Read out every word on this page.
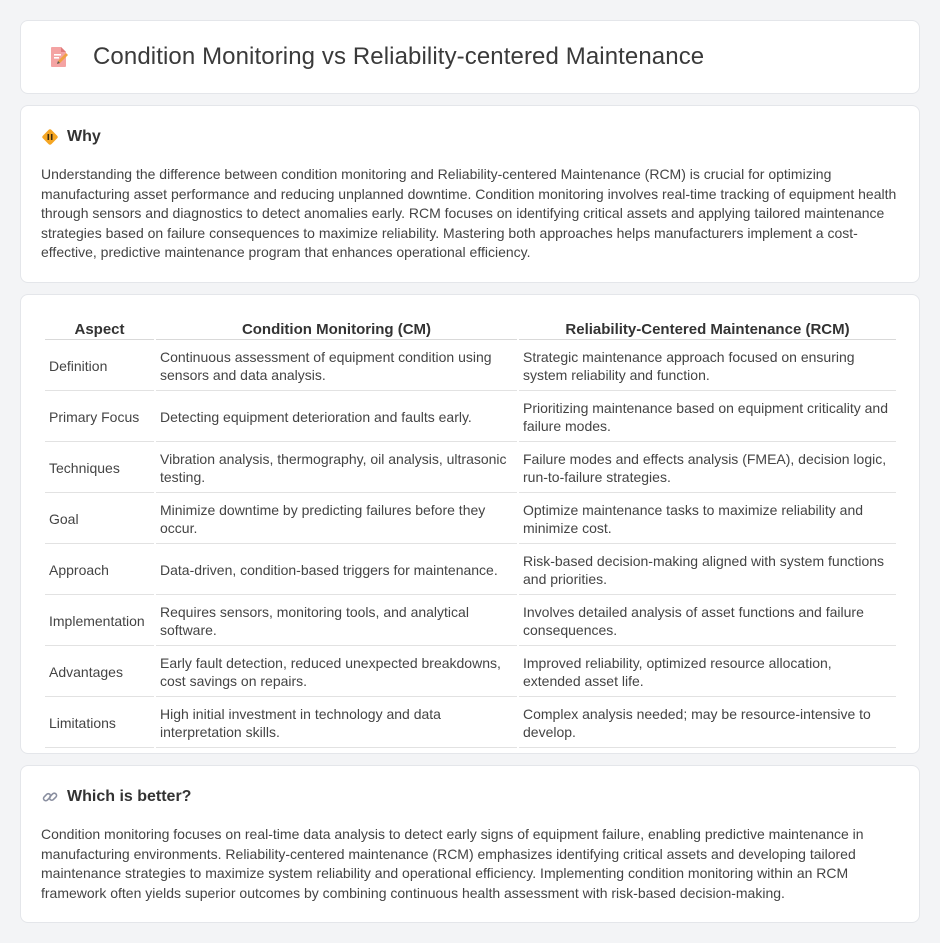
Condition Monitoring vs Reliability-centered Maintenance
Why

Understanding the difference between condition monitoring and Reliability-centered Maintenance (RCM) is crucial for optimizing manufacturing asset performance and reducing unplanned downtime. Condition monitoring involves real-time tracking of equipment health through sensors and diagnostics to detect anomalies early. RCM focuses on identifying critical assets and applying tailored maintenance strategies based on failure consequences to maximize reliability. Mastering both approaches helps manufacturers implement a cost-effective, predictive maintenance program that enhances operational efficiency.

Aspect	Condition Monitoring (CM)	Reliability-Centered Maintenance (RCM)
Definition	Continuous assessment of equipment condition using sensors and data analysis.	Strategic maintenance approach focused on ensuring system reliability and function.
Primary Focus	Detecting equipment deterioration and faults early.	Prioritizing maintenance based on equipment criticality and failure modes.
Techniques	Vibration analysis, thermography, oil analysis, ultrasonic testing.	Failure modes and effects analysis (FMEA), decision logic, run-to-failure strategies.
Goal	Minimize downtime by predicting failures before they occur.	Optimize maintenance tasks to maximize reliability and minimize cost.
Approach	Data-driven, condition-based triggers for maintenance.	Risk-based decision-making aligned with system functions and priorities.
Implementation	Requires sensors, monitoring tools, and analytical software.	Involves detailed analysis of asset functions and failure consequences.
Advantages	Early fault detection, reduced unexpected breakdowns, cost savings on repairs.	Improved reliability, optimized resource allocation, extended asset life.
Limitations	High initial investment in technology and data interpretation skills.	Complex analysis needed; may be resource-intensive to develop.
Which is better?

Condition monitoring focuses on real-time data analysis to detect early signs of equipment failure, enabling predictive maintenance in manufacturing environments. Reliability-centered maintenance (RCM) emphasizes identifying critical assets and developing tailored maintenance strategies to maximize system reliability and operational efficiency. Implementing condition monitoring within an RCM framework often yields superior outcomes by combining continuous health assessment with risk-based decision-making.
